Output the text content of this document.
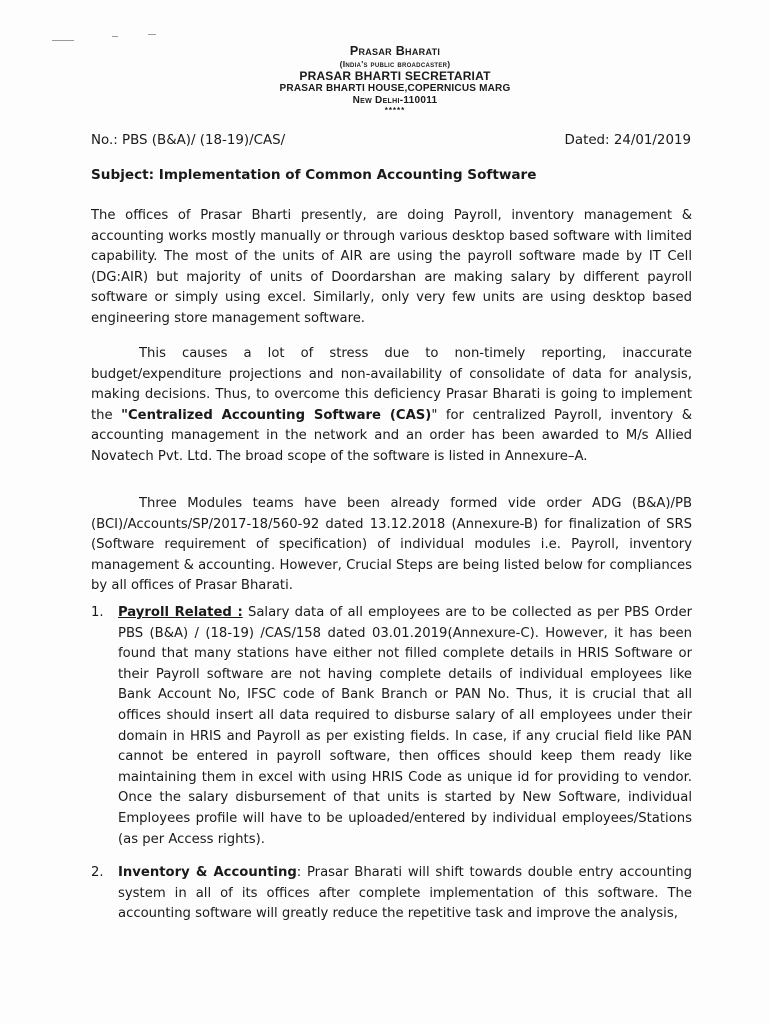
Prasar Bharati
(India's public broadcaster)
PRASAR BHARTI SECRETARIAT
PRASAR BHARTI HOUSE,COPERNICUS MARG
New Delhi-110011
*****
No.: PBS (B&A)/ (18-19)/CAS/	Dated: 24/01/2019
Subject: Implementation of Common Accounting Software

The offices of Prasar Bharti presently, are doing Payroll, inventory management & accounting works mostly manually or through various desktop based software with limited capability. The most of the units of AIR are using the payroll software made by IT Cell (DG:AIR) but majority of units of Doordarshan are making salary by different payroll software or simply using excel. Similarly, only very few units are using desktop based engineering store management software.

This causes a lot of stress due to non-timely reporting, inaccurate budget/expenditure projections and non-availability of consolidate of data for analysis, making decisions. Thus, to overcome this deficiency Prasar Bharati is going to implement the "Centralized Accounting Software (CAS)" for centralized Payroll, inventory & accounting management in the network and an order has been awarded to M/s Allied Novatech Pvt. Ltd. The broad scope of the software is listed in Annexure–A.

Three Modules teams have been already formed vide order ADG (B&A)/PB (BCI)/Accounts/SP/2017-18/560-92 dated 13.12.2018 (Annexure-B) for finalization of SRS (Software requirement of specification) of individual modules i.e. Payroll, inventory management & accounting. However, Crucial Steps are being listed below for compliances by all offices of Prasar Bharati.

1.	Payroll Related : Salary data of all employees are to be collected as per PBS Order PBS (B&A) / (18-19) /CAS/158 dated 03.01.2019(Annexure-C). However, it has been found that many stations have either not filled complete details in HRIS Software or their Payroll software are not having complete details of individual employees like Bank Account No, IFSC code of Bank Branch or PAN No. Thus, it is crucial that all offices should insert all data required to disburse salary of all employees under their domain in HRIS and Payroll as per existing fields. In case, if any crucial field like PAN cannot be entered in payroll software, then offices should keep them ready like maintaining them in excel with using HRIS Code as unique id for providing to vendor. Once the salary disbursement of that units is started by New Software, individual Employees profile will have to be uploaded/entered by individual employees/Stations (as per Access rights).
2.	Inventory & Accounting: Prasar Bharati will shift towards double entry accounting system in all of its offices after complete implementation of this software. The accounting software will greatly reduce the repetitive task and improve the analysis,
